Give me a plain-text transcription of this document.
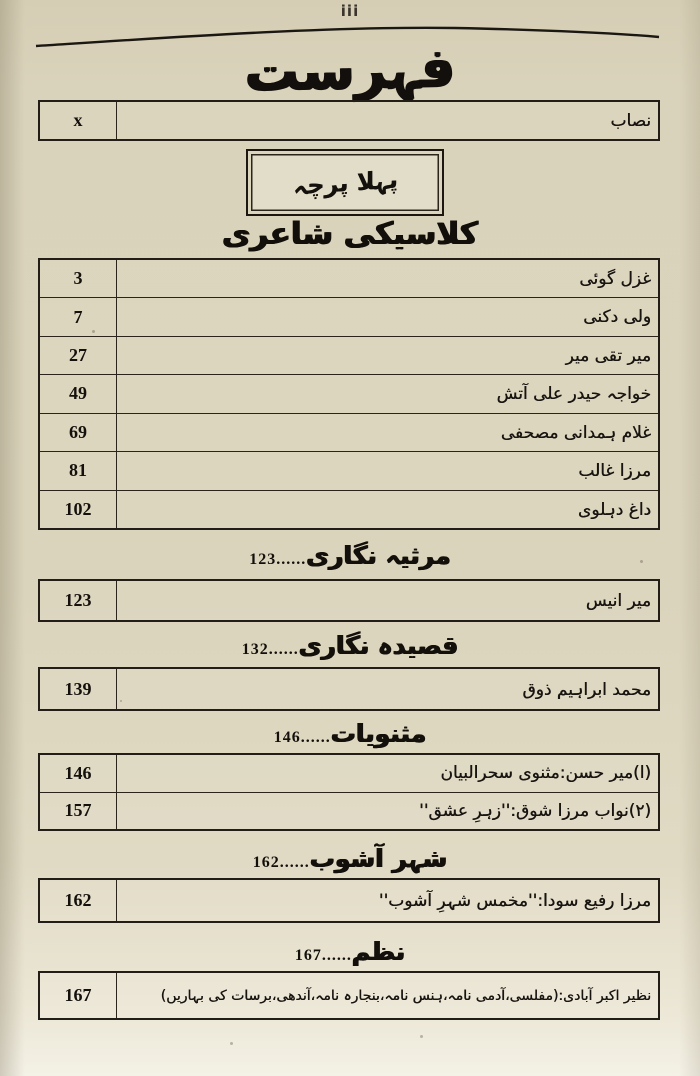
iii
فہرست
x	نصاب
پہلا پرچہ
کلاسیکی شاعری
3	غزل گوئی
7	ولی دکنی
27	میر تقی میر
49	خواجہ حیدر علی آتش
69	غلام ہمدانی مصحفی
81	مرزا غالب
102	داغ دہلوی
مرثیہ نگاری
......123
123	میر انیس
قصیدہ نگاری
......132
139	محمد ابراہیم ذوق
مثنویات
......146
146	(ا)میر حسن:مثنوی سحرالبیان
157	(۲)نواب مرزا شوق:''زہرِ عشق''
شہر آشوب
......162
162	مرزا رفیع سودا:''مخمس شہرِ آشوب''
نظم
......167
167	نظیر اکبر آبادی:(مفلسی،آدمی نامہ،ہنس نامہ،بنجارہ نامہ،آندھی،برسات کی بہاریں)
